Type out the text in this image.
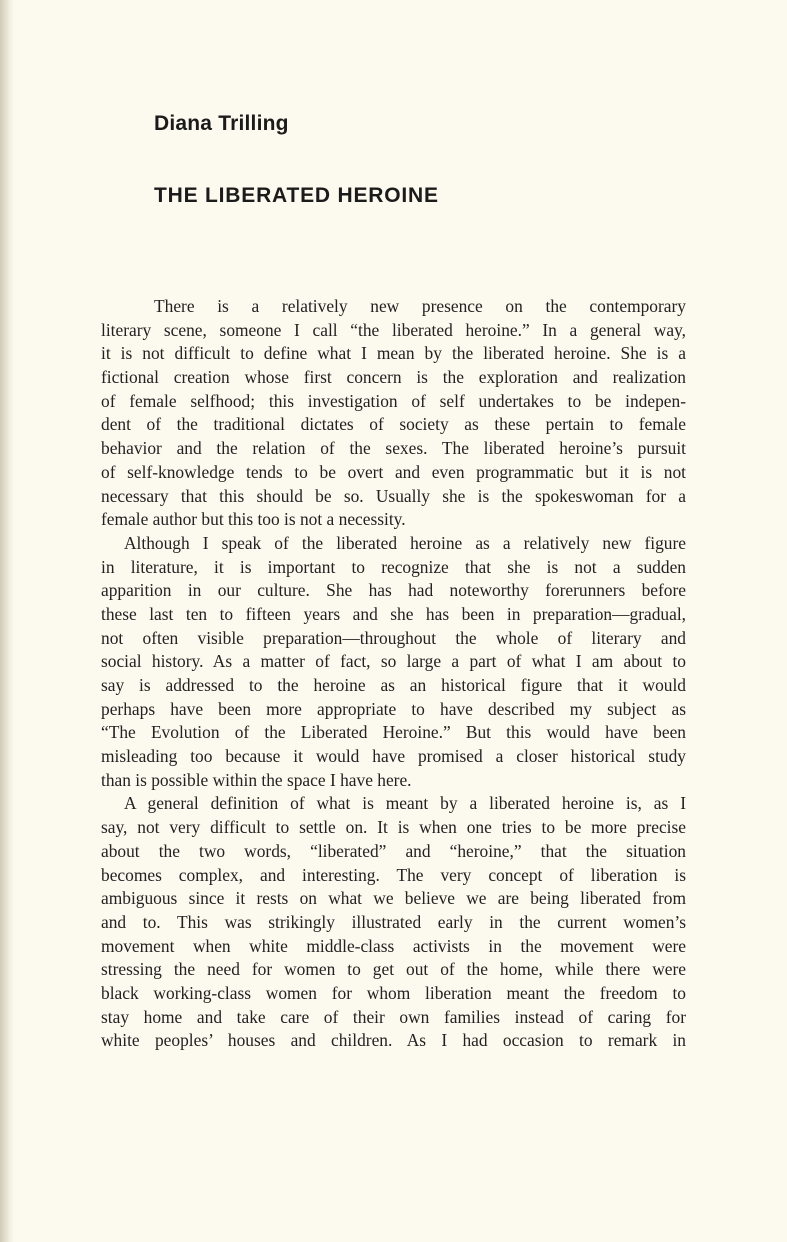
Diana Trilling
THE LIBERATED HEROINE
There is a relatively new presence on the contemporary
literary scene, someone I call “the liberated heroine.” In a general way,
it is not difficult to define what I mean by the liberated heroine. She is a
fictional creation whose first concern is the exploration and realization
of female selfhood; this investigation of self undertakes to be indepen-
dent of the traditional dictates of society as these pertain to female
behavior and the relation of the sexes. The liberated heroine’s pursuit
of self-knowledge tends to be overt and even programmatic but it is not
necessary that this should be so. Usually she is the spokeswoman for a
female author but this too is not a necessity.
Although I speak of the liberated heroine as a relatively new figure
in literature, it is important to recognize that she is not a sudden
apparition in our culture. She has had noteworthy forerunners before
these last ten to fifteen years and she has been in preparation—gradual,
not often visible preparation—throughout the whole of literary and
social history. As a matter of fact, so large a part of what I am about to
say is addressed to the heroine as an historical figure that it would
perhaps have been more appropriate to have described my subject as
“The Evolution of the Liberated Heroine.” But this would have been
misleading too because it would have promised a closer historical study
than is possible within the space I have here.
A general definition of what is meant by a liberated heroine is, as I
say, not very difficult to settle on. It is when one tries to be more precise
about the two words, “liberated” and “heroine,” that the situation
becomes complex, and interesting. The very concept of liberation is
ambiguous since it rests on what we believe we are being liberated from
and to. This was strikingly illustrated early in the current women’s
movement when white middle-class activists in the movement were
stressing the need for women to get out of the home, while there were
black working-class women for whom liberation meant the freedom to
stay home and take care of their own families instead of caring for
white peoples’ houses and children. As I had occasion to remark in
